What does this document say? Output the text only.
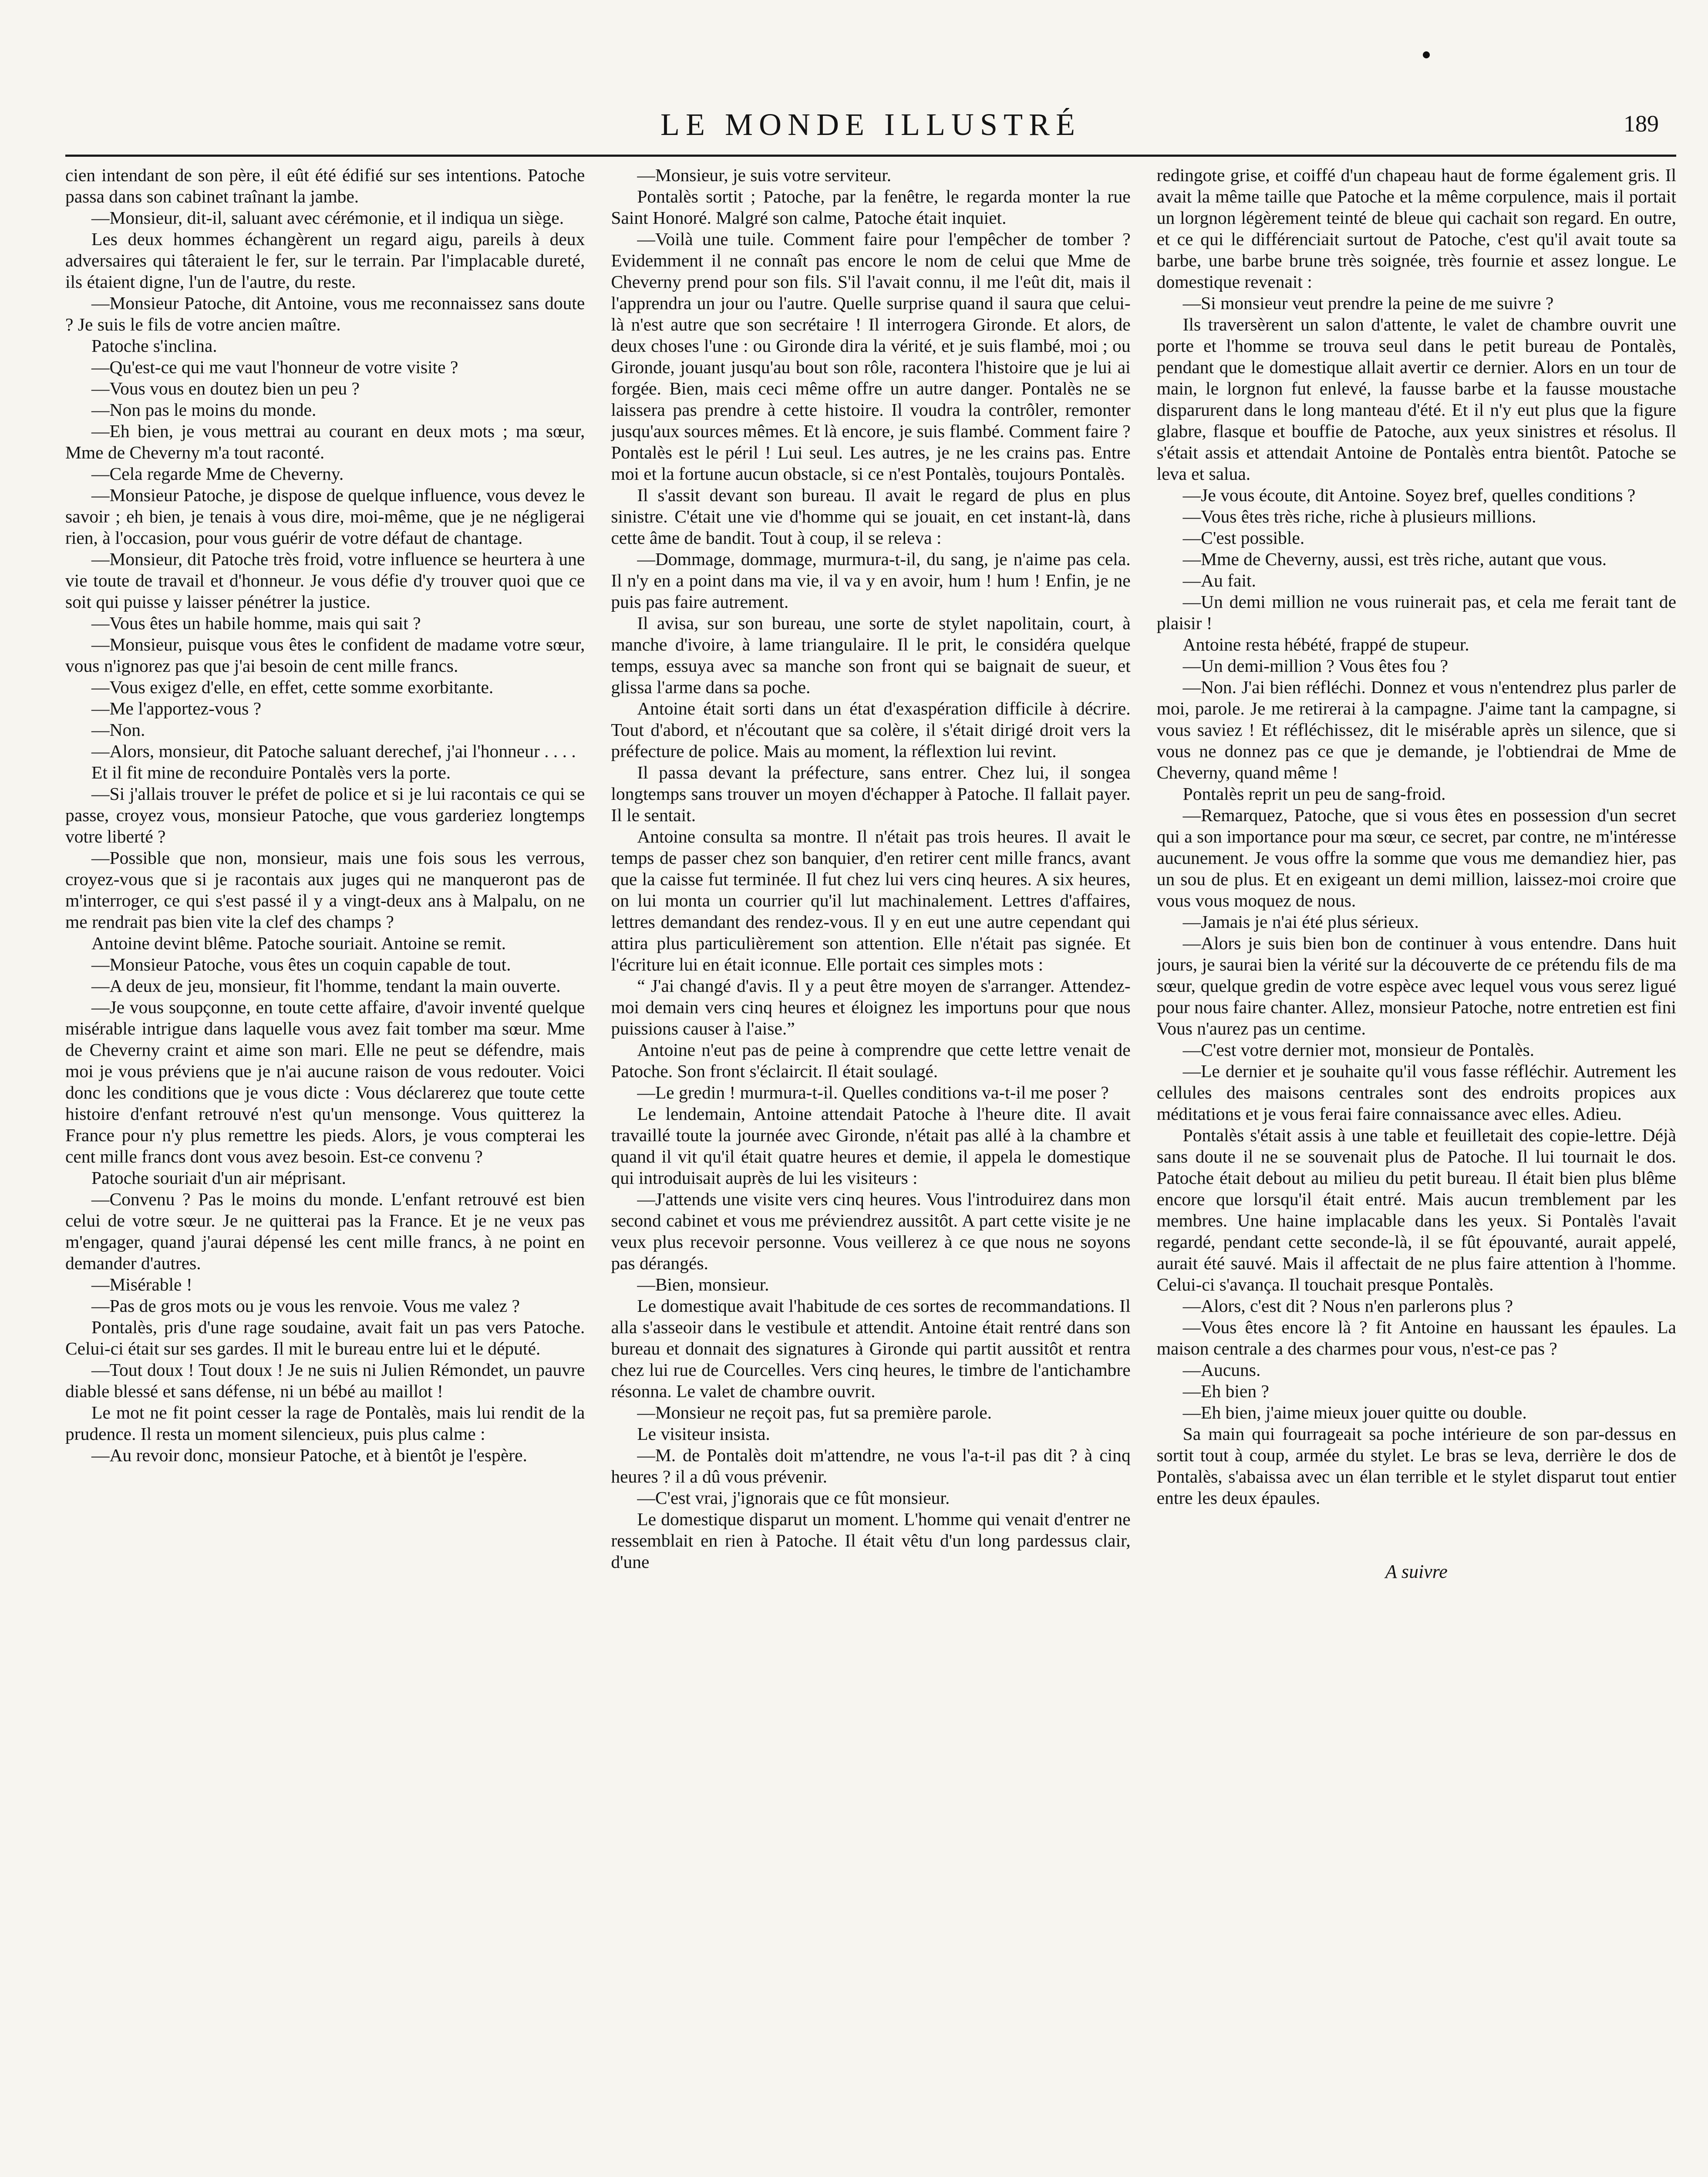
LE MONDE ILLUSTRÉ	189

cien intendant de son père, il eût été édifié sur ses intentions. Patoche passa dans son cabinet traînant la jambe.

—Monsieur, dit-il, saluant avec cérémonie, et il indiqua un siège.

Les deux hommes échangèrent un regard aigu, pareils à deux adversaires qui tâteraient le fer, sur le terrain. Par l'implacable dureté, ils étaient digne, l'un de l'autre, du reste.

—Monsieur Patoche, dit Antoine, vous me reconnaissez sans doute ? Je suis le fils de votre ancien maître.

Patoche s'inclina.

—Qu'est-ce qui me vaut l'honneur de votre visite ?

—Vous vous en doutez bien un peu ?

—Non pas le moins du monde.

—Eh bien, je vous mettrai au courant en deux mots ; ma sœur, Mme de Cheverny m'a tout raconté.

—Cela regarde Mme de Cheverny.

—Monsieur Patoche, je dispose de quelque influence, vous devez le savoir ; eh bien, je tenais à vous dire, moi-même, que je ne négligerai rien, à l'occasion, pour vous guérir de votre défaut de chantage.

—Monsieur, dit Patoche très froid, votre influence se heurtera à une vie toute de travail et d'honneur. Je vous défie d'y trouver quoi que ce soit qui puisse y laisser pénétrer la justice.

—Vous êtes un habile homme, mais qui sait ?

—Monsieur, puisque vous êtes le confident de madame votre sœur, vous n'ignorez pas que j'ai besoin de cent mille francs.

—Vous exigez d'elle, en effet, cette somme exorbitante.

—Me l'apportez-vous ?

—Non.

—Alors, monsieur, dit Patoche saluant derechef, j'ai l'honneur . . . .

Et il fit mine de reconduire Pontalès vers la porte.

—Si j'allais trouver le préfet de police et si je lui racontais ce qui se passe, croyez vous, monsieur Patoche, que vous garderiez longtemps votre liberté ?

—Possible que non, monsieur, mais une fois sous les verrous, croyez-vous que si je racontais aux juges qui ne manqueront pas de m'interroger, ce qui s'est passé il y a vingt-deux ans à Malpalu, on ne me rendrait pas bien vite la clef des champs ?

Antoine devint blême. Patoche souriait. Antoine se remit.

—Monsieur Patoche, vous êtes un coquin capable de tout.

—A deux de jeu, monsieur, fit l'homme, tendant la main ouverte.

—Je vous soupçonne, en toute cette affaire, d'avoir inventé quelque misérable intrigue dans laquelle vous avez fait tomber ma sœur. Mme de Cheverny craint et aime son mari. Elle ne peut se défendre, mais moi je vous préviens que je n'ai aucune raison de vous redouter. Voici donc les conditions que je vous dicte : Vous déclarerez que toute cette histoire d'enfant retrouvé n'est qu'un mensonge. Vous quitterez la France pour n'y plus remettre les pieds. Alors, je vous compterai les cent mille francs dont vous avez besoin. Est-ce convenu ?

Patoche souriait d'un air méprisant.

—Convenu ? Pas le moins du monde. L'enfant retrouvé est bien celui de votre sœur. Je ne quitterai pas la France. Et je ne veux pas m'engager, quand j'aurai dépensé les cent mille francs, à ne point en demander d'autres.

—Misérable !

—Pas de gros mots ou je vous les renvoie. Vous me valez ?

Pontalès, pris d'une rage soudaine, avait fait un pas vers Patoche. Celui-ci était sur ses gardes. Il mit le bureau entre lui et le député.

—Tout doux ! Tout doux ! Je ne suis ni Julien Rémondet, un pauvre diable blessé et sans défense, ni un bébé au maillot !

Le mot ne fit point cesser la rage de Pontalès, mais lui rendit de la prudence. Il resta un moment silencieux, puis plus calme :

—Au revoir donc, monsieur Patoche, et à bientôt je l'espère.

—Monsieur, je suis votre serviteur.

Pontalès sortit ; Patoche, par la fenêtre, le regarda monter la rue Saint Honoré. Malgré son calme, Patoche était inquiet.

—Voilà une tuile. Comment faire pour l'empêcher de tomber ? Evidemment il ne connaît pas encore le nom de celui que Mme de Cheverny prend pour son fils. S'il l'avait connu, il me l'eût dit, mais il l'apprendra un jour ou l'autre. Quelle surprise quand il saura que celui-là n'est autre que son secrétaire ! Il interrogera Gironde. Et alors, de deux choses l'une : ou Gironde dira la vérité, et je suis flambé, moi ; ou Gironde, jouant jusqu'au bout son rôle, racontera l'histoire que je lui ai forgée. Bien, mais ceci même offre un autre danger. Pontalès ne se laissera pas prendre à cette histoire. Il voudra la contrôler, remonter jusqu'aux sources mêmes. Et là encore, je suis flambé. Comment faire ? Pontalès est le péril ! Lui seul. Les autres, je ne les crains pas. Entre moi et la fortune aucun obstacle, si ce n'est Pontalès, toujours Pontalès.

Il s'assit devant son bureau. Il avait le regard de plus en plus sinistre. C'était une vie d'homme qui se jouait, en cet instant-là, dans cette âme de bandit. Tout à coup, il se releva :

—Dommage, dommage, murmura-t-il, du sang, je n'aime pas cela. Il n'y en a point dans ma vie, il va y en avoir, hum ! hum ! Enfin, je ne puis pas faire autrement.

Il avisa, sur son bureau, une sorte de stylet napolitain, court, à manche d'ivoire, à lame triangulaire. Il le prit, le considéra quelque temps, essuya avec sa manche son front qui se baignait de sueur, et glissa l'arme dans sa poche.

Antoine était sorti dans un état d'exaspération difficile à décrire. Tout d'abord, et n'écoutant que sa colère, il s'était dirigé droit vers la préfecture de police. Mais au moment, la réflextion lui revint.

Il passa devant la préfecture, sans entrer. Chez lui, il songea longtemps sans trouver un moyen d'échapper à Patoche. Il fallait payer. Il le sentait.

Antoine consulta sa montre. Il n'était pas trois heures. Il avait le temps de passer chez son banquier, d'en retirer cent mille francs, avant que la caisse fut terminée. Il fut chez lui vers cinq heures. A six heures, on lui monta un courrier qu'il lut machinalement. Lettres d'affaires, lettres demandant des rendez-vous. Il y en eut une autre cependant qui attira plus particulièrement son attention. Elle n'était pas signée. Et l'écriture lui en était iconnue. Elle portait ces simples mots :

“ J'ai changé d'avis. Il y a peut être moyen de s'arranger. Attendez-moi demain vers cinq heures et éloignez les importuns pour que nous puissions causer à l'aise.”

Antoine n'eut pas de peine à comprendre que cette lettre venait de Patoche. Son front s'éclaircit. Il était soulagé.

—Le gredin ! murmura-t-il. Quelles conditions va-t-il me poser ?

Le lendemain, Antoine attendait Patoche à l'heure dite. Il avait travaillé toute la journée avec Gironde, n'était pas allé à la chambre et quand il vit qu'il était quatre heures et demie, il appela le domestique qui introduisait auprès de lui les visiteurs :

—J'attends une visite vers cinq heures. Vous l'introduirez dans mon second cabinet et vous me préviendrez aussitôt. A part cette visite je ne veux plus recevoir personne. Vous veillerez à ce que nous ne soyons pas dérangés.

—Bien, monsieur.

Le domestique avait l'habitude de ces sortes de recommandations. Il alla s'asseoir dans le vestibule et attendit. Antoine était rentré dans son bureau et donnait des signatures à Gironde qui partit aussitôt et rentra chez lui rue de Courcelles. Vers cinq heures, le timbre de l'antichambre résonna. Le valet de chambre ouvrit.

—Monsieur ne reçoit pas, fut sa première parole.

Le visiteur insista.

—M. de Pontalès doit m'attendre, ne vous l'a-t-il pas dit ? à cinq heures ? il a dû vous prévenir.

—C'est vrai, j'ignorais que ce fût monsieur.

Le domestique disparut un moment. L'homme qui venait d'entrer ne ressemblait en rien à Patoche. Il était vêtu d'un long pardessus clair, d'une

redingote grise, et coiffé d'un chapeau haut de forme également gris. Il avait la même taille que Patoche et la même corpulence, mais il portait un lorgnon légèrement teinté de bleue qui cachait son regard. En outre, et ce qui le différenciait surtout de Patoche, c'est qu'il avait toute sa barbe, une barbe brune très soignée, très fournie et assez longue. Le domestique revenait :

—Si monsieur veut prendre la peine de me suivre ?

Ils traversèrent un salon d'attente, le valet de chambre ouvrit une porte et l'homme se trouva seul dans le petit bureau de Pontalès, pendant que le domestique allait avertir ce dernier. Alors en un tour de main, le lorgnon fut enlevé, la fausse barbe et la fausse moustache disparurent dans le long manteau d'été. Et il n'y eut plus que la figure glabre, flasque et bouffie de Patoche, aux yeux sinistres et résolus. Il s'était assis et attendait Antoine de Pontalès entra bientôt. Patoche se leva et salua.

—Je vous écoute, dit Antoine. Soyez bref, quelles conditions ?

—Vous êtes très riche, riche à plusieurs millions.

—C'est possible.

—Mme de Cheverny, aussi, est très riche, autant que vous.

—Au fait.

—Un demi million ne vous ruinerait pas, et cela me ferait tant de plaisir !

Antoine resta hébété, frappé de stupeur.

—Un demi-million ? Vous êtes fou ?

—Non. J'ai bien réfléchi. Donnez et vous n'entendrez plus parler de moi, parole. Je me retirerai à la campagne. J'aime tant la campagne, si vous saviez ! Et réfléchissez, dit le misérable après un silence, que si vous ne donnez pas ce que je demande, je l'obtiendrai de Mme de Cheverny, quand même !

Pontalès reprit un peu de sang-froid.

—Remarquez, Patoche, que si vous êtes en possession d'un secret qui a son importance pour ma sœur, ce secret, par contre, ne m'intéresse aucunement. Je vous offre la somme que vous me demandiez hier, pas un sou de plus. Et en exigeant un demi million, laissez-moi croire que vous vous moquez de nous.

—Jamais je n'ai été plus sérieux.

—Alors je suis bien bon de continuer à vous entendre. Dans huit jours, je saurai bien la vérité sur la découverte de ce prétendu fils de ma sœur, quelque gredin de votre espèce avec lequel vous vous serez ligué pour nous faire chanter. Allez, monsieur Patoche, notre entretien est fini Vous n'aurez pas un centime.

—C'est votre dernier mot, monsieur de Pontalès.

—Le dernier et je souhaite qu'il vous fasse réfléchir. Autrement les cellules des maisons centrales sont des endroits propices aux méditations et je vous ferai faire connaissance avec elles. Adieu.

Pontalès s'était assis à une table et feuilletait des copie-lettre. Déjà sans doute il ne se souvenait plus de Patoche. Il lui tournait le dos. Patoche était debout au milieu du petit bureau. Il était bien plus blême encore que lorsqu'il était entré. Mais aucun tremblement par les membres. Une haine implacable dans les yeux. Si Pontalès l'avait regardé, pendant cette seconde-là, il se fût épouvanté, aurait appelé, aurait été sauvé. Mais il affectait de ne plus faire attention à l'homme. Celui-ci s'avança. Il touchait presque Pontalès.

—Alors, c'est dit ? Nous n'en parlerons plus ?

—Vous êtes encore là ? fit Antoine en haussant les épaules. La maison centrale a des charmes pour vous, n'est-ce pas ?

—Aucuns.

—Eh bien ?

—Eh bien, j'aime mieux jouer quitte ou double.

Sa main qui fourrageait sa poche intérieure de son par-dessus en sortit tout à coup, armée du stylet. Le bras se leva, derrière le dos de Pontalès, s'abaissa avec un élan terrible et le stylet disparut tout entier entre les deux épaules.

A suivre
